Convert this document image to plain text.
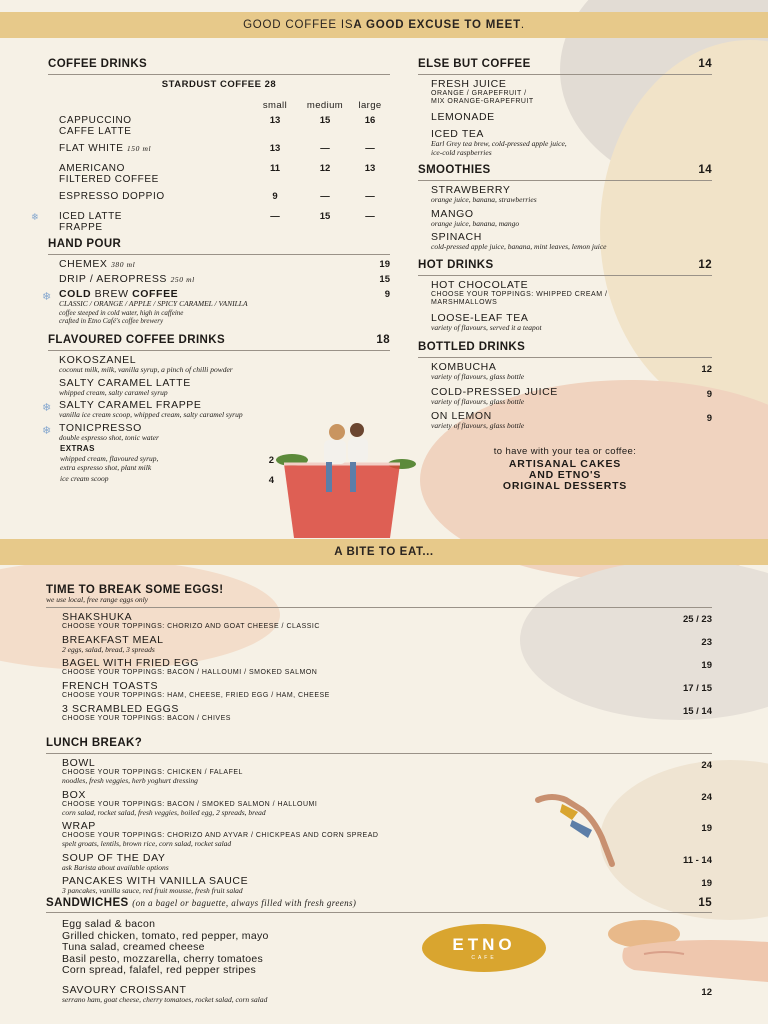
GOOD COFFEE IS A GOOD EXCUSE TO MEET .
COFFEE DRINKS
STARDUST COFFEE 28
small	medium	large
CAPPUCCINO
CAFFE LATTE
13	15	16
FLAT WHITE 150 ml	13	—	—
AMERICANO
FILTERED COFFEE
11	12	13
ESPRESSO DOPPIO	9	—	—
❄ ICED LATTE
FRAPPE
—	15	—
HAND POUR
CHEMEX 380 ml	19
DRIP / AEROPRESS 250 ml	15
❄ COLD BREW COFFEE
CLASSIC / ORANGE / APPLE / SPICY CARAMEL / VANILLA
coffee steeped in cold water, high in caffeine
crafted in Etno Café's coffee brewery
9
FLAVOURED COFFEE DRINKS	18
KOKOSZANEL
coconut milk, milk, vanilla syrup, a pinch of chilli powder
SALTY CARAMEL LATTE
whipped cream, salty caramel syrup
❄ SALTY CARAMEL FRAPPE
vanilla ice cream scoop, whipped cream, salty caramel syrup
❄ TONICPRESSO
double espresso shot, tonic water
EXTRAS
whipped cream, flavoured syrup,
extra espresso shot, plant milk
2
ice cream scoop	4
ELSE BUT COFFEE	14
FRESH JUICE
ORANGE / GRAPEFRUIT /
MIX ORANGE-GRAPEFRUIT
LEMONADE
ICED TEA
Earl Grey tea brew, cold-pressed apple juice,
ice-cold raspberries
SMOOTHIES	14
STRAWBERRY
orange juice, banana, strawberries
MANGO
orange juice, banana, mango
SPINACH
cold-pressed apple juice, banana, mint leaves, lemon juice
HOT DRINKS	12
HOT CHOCOLATE
CHOOSE YOUR TOPPINGS: WHIPPED CREAM /
MARSHMALLOWS
LOOSE-LEAF TEA
variety of flavours, served it a teapot
BOTTLED DRINKS
KOMBUCHA
variety of flavours, glass bottle
12
COLD-PRESSED JUICE
variety of flavours, glass bottle
9
ON LEMON
variety of flavours, glass bottle
9
to have with your tea or coffee:
ARTISANAL CAKES
AND ETNO'S
ORIGINAL DESSERTS
A BITE TO EAT...
TIME TO BREAK SOME EGGS!
we use local, free range eggs only
SHAKSHUKA
CHOOSE YOUR TOPPINGS: CHORIZO AND GOAT CHEESE / CLASSIC
25 / 23
BREAKFAST MEAL
2 eggs, salad, bread, 3 spreads
23
BAGEL WITH FRIED EGG
CHOOSE YOUR TOPPINGS: BACON / HALLOUMI / SMOKED SALMON
19
FRENCH TOASTS
CHOOSE YOUR TOPPINGS: HAM, CHEESE, FRIED EGG / HAM, CHEESE
17 / 15
3 SCRAMBLED EGGS
CHOOSE YOUR TOPPINGS: BACON / CHIVES
15 / 14
LUNCH BREAK?
BOWL
CHOOSE YOUR TOPPINGS: CHICKEN / FALAFEL
noodles, fresh veggies, herb yoghurt dressing
24
BOX
CHOOSE YOUR TOPPINGS: BACON / SMOKED SALMON / HALLOUMI
corn salad, rocket salad, fresh veggies, boiled egg, 2 spreads, bread
24
WRAP
CHOOSE YOUR TOPPINGS: CHORIZO AND AYVAR / CHICKPEAS AND CORN SPREAD
spelt groats, lentils, brown rice, corn salad, rocket salad
19
SOUP OF THE DAY
ask Barista about available options
11 - 14
PANCAKES WITH VANILLA SAUCE
3 pancakes, vanilla sauce, red fruit mousse, fresh fruit salad
19
SANDWICHES (on a bagel or baguette, always filled with fresh greens)	15
Egg salad & bacon
Grilled chicken, tomato, red pepper, mayo
Tuna salad, creamed cheese
Basil pesto, mozzarella, cherry tomatoes
Corn spread, falafel, red pepper stripes
SAVOURY CROISSANT
serrano ham, goat cheese, cherry tomatoes, rocket salad, corn salad
12
ETNO
CAFE
